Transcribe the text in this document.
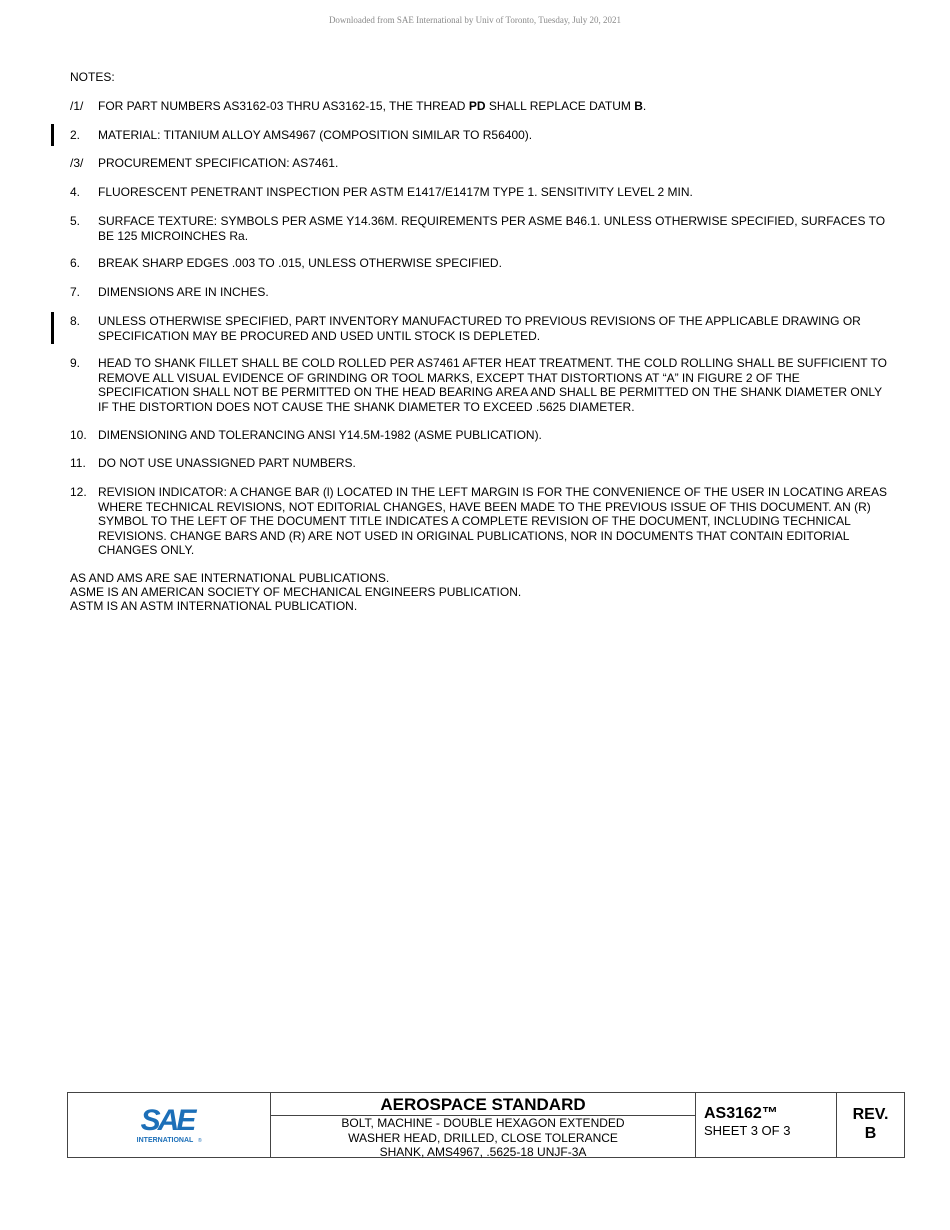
Downloaded from SAE International by Univ of Toronto, Tuesday, July 20, 2021
NOTES:
/1/	FOR PART NUMBERS AS3162-03 THRU AS3162-15, THE THREAD PD SHALL REPLACE DATUM B.
2.	MATERIAL: TITANIUM ALLOY AMS4967 (COMPOSITION SIMILAR TO R56400).
/3/	PROCUREMENT SPECIFICATION: AS7461.
4.	FLUORESCENT PENETRANT INSPECTION PER ASTM E1417/E1417M TYPE 1. SENSITIVITY LEVEL 2 MIN.
5.	SURFACE TEXTURE: SYMBOLS PER ASME Y14.36M. REQUIREMENTS PER ASME B46.1. UNLESS OTHERWISE SPECIFIED, SURFACES TO BE 125 MICROINCHES Ra.
6.	BREAK SHARP EDGES .003 TO .015, UNLESS OTHERWISE SPECIFIED.
7.	DIMENSIONS ARE IN INCHES.
8.	UNLESS OTHERWISE SPECIFIED, PART INVENTORY MANUFACTURED TO PREVIOUS REVISIONS OF THE APPLICABLE DRAWING OR SPECIFICATION MAY BE PROCURED AND USED UNTIL STOCK IS DEPLETED.
9.	HEAD TO SHANK FILLET SHALL BE COLD ROLLED PER AS7461 AFTER HEAT TREATMENT. THE COLD ROLLING SHALL BE SUFFICIENT TO REMOVE ALL VISUAL EVIDENCE OF GRINDING OR TOOL MARKS, EXCEPT THAT DISTORTIONS AT “A” IN FIGURE 2 OF THE SPECIFICATION SHALL NOT BE PERMITTED ON THE HEAD BEARING AREA AND SHALL BE PERMITTED ON THE SHANK DIAMETER ONLY IF THE DISTORTION DOES NOT CAUSE THE SHANK DIAMETER TO EXCEED .5625 DIAMETER.
10. DIMENSIONING AND TOLERANCING ANSI Y14.5M-1982 (ASME PUBLICATION).
11.	DO NOT USE UNASSIGNED PART NUMBERS.
12. REVISION INDICATOR: A CHANGE BAR (l) LOCATED IN THE LEFT MARGIN IS FOR THE CONVENIENCE OF THE USER IN LOCATING AREAS WHERE TECHNICAL REVISIONS, NOT EDITORIAL CHANGES, HAVE BEEN MADE TO THE PREVIOUS ISSUE OF THIS DOCUMENT. AN (R) SYMBOL TO THE LEFT OF THE DOCUMENT TITLE INDICATES A COMPLETE REVISION OF THE DOCUMENT, INCLUDING TECHNICAL REVISIONS. CHANGE BARS AND (R) ARE NOT USED IN ORIGINAL PUBLICATIONS, NOR IN DOCUMENTS THAT CONTAIN EDITORIAL CHANGES ONLY.
AS AND AMS ARE SAE INTERNATIONAL PUBLICATIONS.
ASME IS AN AMERICAN SOCIETY OF MECHANICAL ENGINEERS PUBLICATION.
ASTM IS AN ASTM INTERNATIONAL PUBLICATION.
SAE
INTERNATIONAL ®
AEROSPACE STANDARD
BOLT, MACHINE - DOUBLE HEXAGON EXTENDED
WASHER HEAD, DRILLED, CLOSE TOLERANCE
SHANK, AMS4967, .5625-18 UNJF-3A
AS3162™
SHEET 3 OF 3
REV.
B
